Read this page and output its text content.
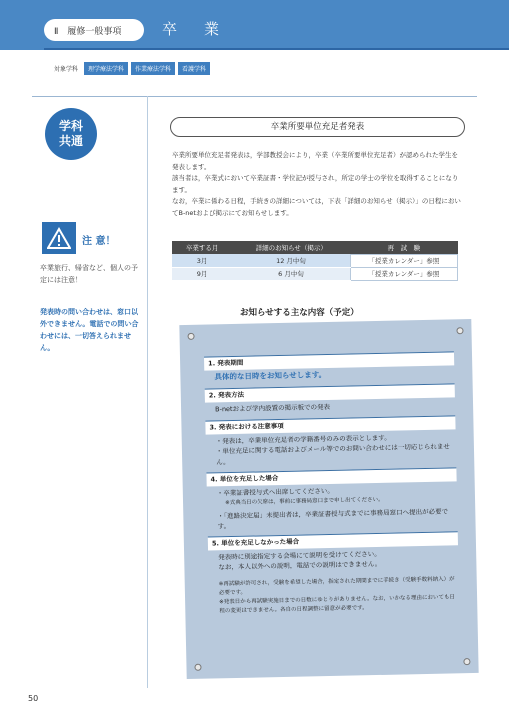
Ⅱ　履修一般事項	卒　業
対象学科	理学療法学科	作業療法学科	看護学科
学科
共通
注 意！
卒業旅行、帰省など、個人の予定には注意！
発表時の問い合わせは、窓口以外できません。電話での問い合わせには、一切答えられません。
卒業所要単位充足者発表

卒業所要単位充足者発表は，学部教授会により，卒業（卒業所要単位充足者）が認められた学生を発表します。

該当者は，卒業式において卒業証書・学位記が授与され，所定の学士の学位を取得することになります。

なお，卒業に係わる日程，手続きの詳細については，下表「詳細のお知らせ（掲示）」の日程においてB-netおよび掲示にてお知らせします。

卒業する月	詳細のお知らせ（掲示）	再　試　験
3月	12 月中旬	「授業カレンダー」参照
9月	6 月中旬	「授業カレンダー」参照
お知らせする主な内容（予定）
1. 発表期間
具体的な日時をお知らせします。
2. 発表方法
B-netおよび学内設置の掲示板での発表
3. 発表における注意事項
・発表は，卒業単位充足者の学籍番号のみの表示とします。
・単位充足に関する電話およびメール等でのお問い合わせには一切応じられません。
4. 単位を充足した場合
・卒業証書授与式へ出席してください。
※式典当日の欠席は，事前に事務局窓口まで申し出てください。
・「進路決定届」未提出者は，卒業証書授与式までに事務局窓口へ提出が必要です。
5. 単位を充足しなかった場合
発表時に別途指定する会場にて説明を受けてください。
なお，本人以外への説明，電話での説明はできません。
※再試験が許可され，受験を希望した場合，指定された期間までに手続き（受験手数料納入）が必要です。
※発表日から再試験実施日までの日数にゆとりがありません。なお，いかなる理由においても日程の変更はできません。各自の日程調整に留意が必要です。
50
